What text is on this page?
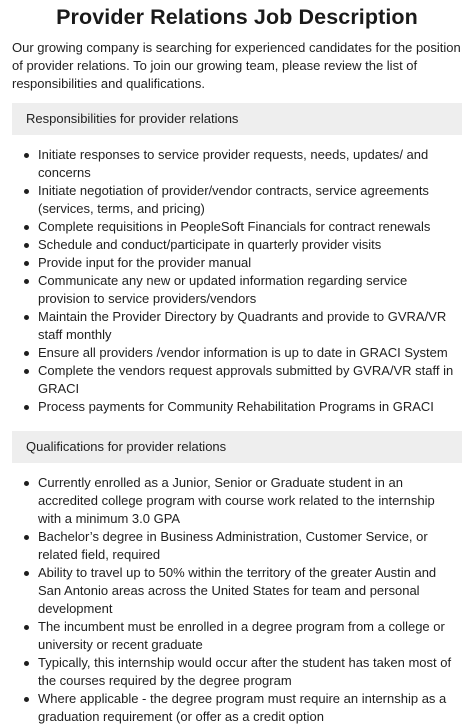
Provider Relations Job Description

Our growing company is searching for experienced candidates for the position of provider relations. To join our growing team, please review the list of responsibilities and qualifications.

Responsibilities for provider relations
Initiate responses to service provider requests, needs, updates/ and concerns
Initiate negotiation of provider/vendor contracts, service agreements (services, terms, and pricing)
Complete requisitions in PeopleSoft Financials for contract renewals
Schedule and conduct/participate in quarterly provider visits
Provide input for the provider manual
Communicate any new or updated information regarding service provision to service providers/vendors
Maintain the Provider Directory by Quadrants and provide to GVRA/VR staff monthly
Ensure all providers /vendor information is up to date in GRACI System
Complete the vendors request approvals submitted by GVRA/VR staff in GRACI
Process payments for Community Rehabilitation Programs in GRACI
Qualifications for provider relations
Currently enrolled as a Junior, Senior or Graduate student in an accredited college program with course work related to the internship with a minimum 3.0 GPA
Bachelor’s degree in Business Administration, Customer Service, or related field, required
Ability to travel up to 50% within the territory of the greater Austin and San Antonio areas across the United States for team and personal development
The incumbent must be enrolled in a degree program from a college or university or recent graduate
Typically, this internship would occur after the student has taken most of the courses required by the degree program
Where applicable - the degree program must require an internship as a graduation requirement (or offer as a credit option
